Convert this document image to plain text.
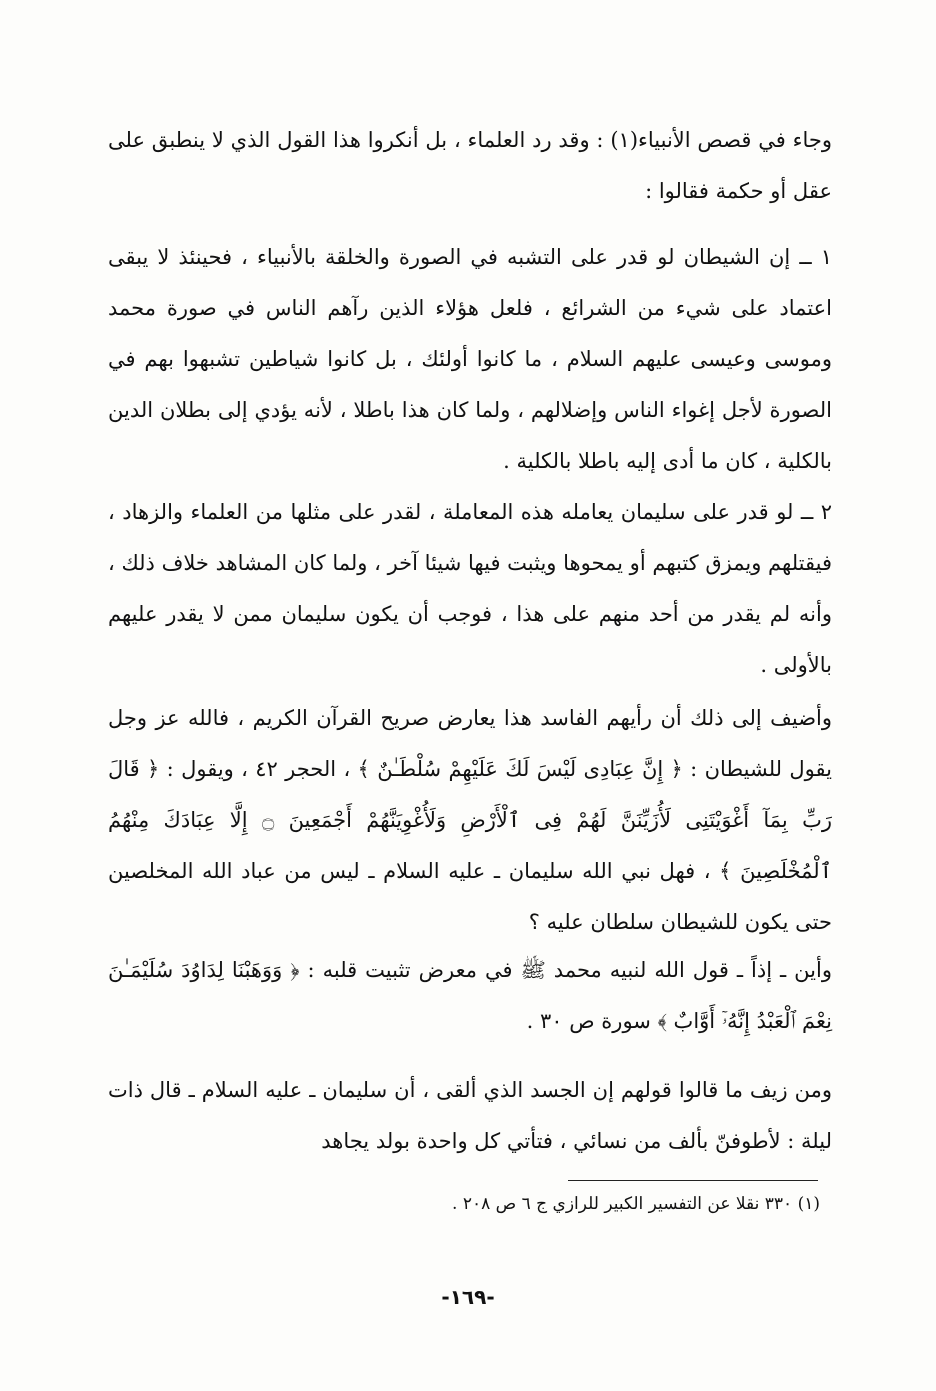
وجاء في قصص الأنبياء(١) : وقد رد العلماء ، بل أنكروا هذا القول الذي لا ينطبق على عقل أو حكمة فقالوا :

١ ــ إن الشيطان لو قدر على التشبه في الصورة والخلقة بالأنبياء ، فحينئذ لا يبقى اعتماد على شيء من الشرائع ، فلعل هؤلاء الذين رآهم الناس في صورة محمد وموسى وعيسى عليهم السلام ، ما كانوا أولئك ، بل كانوا شياطين تشبهوا بهم في الصورة لأجل إغواء الناس وإضلالهم ، ولما كان هذا باطلا ، لأنه يؤدي إلى بطلان الدين بالكلية ، كان ما أدى إليه باطلا بالكلية .

٢ ــ لو قدر على سليمان يعامله هذه المعاملة ، لقدر على مثلها من العلماء والزهاد ، فيقتلهم ويمزق كتبهم أو يمحوها ويثبت فيها شيئا آخر ، ولما كان المشاهد خلاف ذلك ، وأنه لم يقدر من أحد منهم على هذا ، فوجب أن يكون سليمان ممن لا يقدر عليهم بالأولى .

وأضيف إلى ذلك أن رأيهم الفاسد هذا يعارض صريح القرآن الكريم ، فالله عز وجل يقول للشيطان : ﴿ إِنَّ عِبَادِى لَيْسَ لَكَ عَلَيْهِمْ سُلْطَـٰنٌ ﴾ ، الحجر ٤٢ ، ويقول : ﴿ قَالَ رَبِّ بِمَآ أَغْوَيْتَنِى لَأُزَيِّنَنَّ لَهُمْ فِى ٱلْأَرْضِ وَلَأُغْوِيَنَّهُمْ أَجْمَعِينَ ۝ إِلَّا عِبَادَكَ مِنْهُمُ ٱلْمُخْلَصِينَ ﴾ ، فهل نبي الله سليمان ـ عليه السلام ـ ليس من عباد الله المخلصين حتى يكون للشيطان سلطان عليه ؟

وأين ـ إذاً ـ قول الله لنبيه محمد ﷺ في معرض تثبيت قلبه : ﴿ وَوَهَبْنَا لِدَاوُدَ سُلَيْمَـٰنَ نِعْمَ ٱلْعَبْدُ إِنَّهُۥٓ أَوَّابٌ ﴾ سورة ص ٣٠ .

ومن زيف ما قالوا قولهم إن الجسد الذي ألقى ، أن سليمان ـ عليه السلام ـ قال ذات ليلة : لأطوفنّ بألف من نسائي ، فتأتي كل واحدة بولد يجاهد

(١) ٣٣٠ نقلا عن التفسير الكبير للرازي ج ٦ ص ٢٠٨ .
-١٦٩-
